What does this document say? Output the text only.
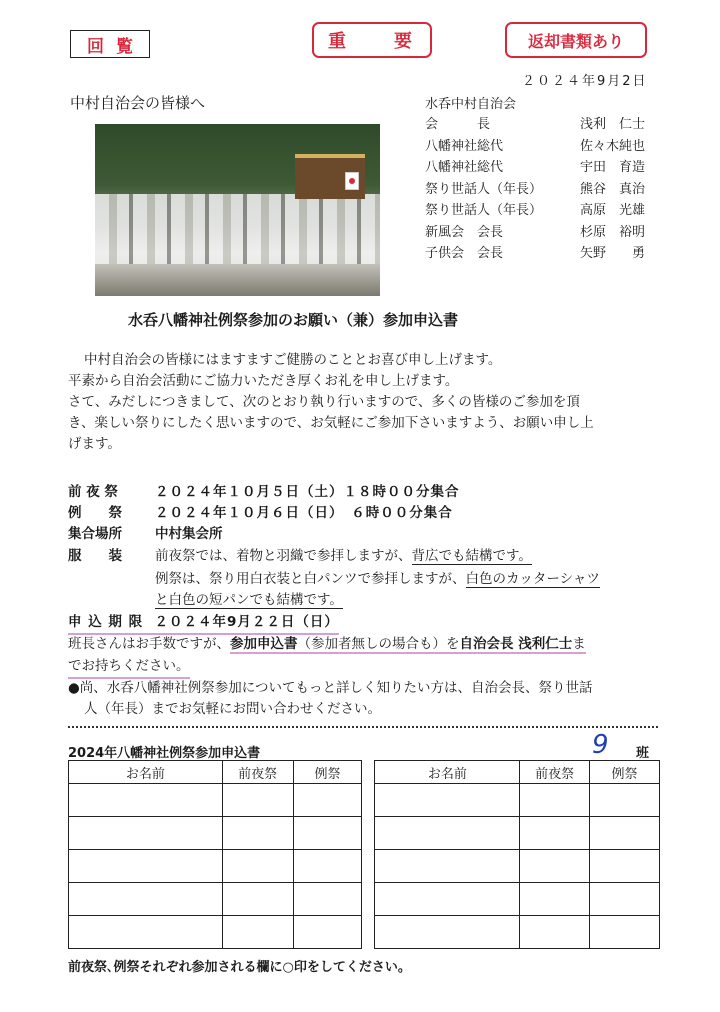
回覧	重　　要	返却書類あり
２０２４年9月2日
中村自治会の皆様へ	水呑中村自治会
会　　　長	浅利　仁士
八幡神社総代	佐々木純也
八幡神社総代	宇田　育造
祭り世話人（年長）	熊谷　真治
祭り世話人（年長）	高原　光雄
新風会　会長	杉原　裕明
子供会　会長	矢野　　勇
水呑八幡神社例祭参加のお願い（兼）参加申込書

中村自治会の皆様にはますますご健勝のこととお喜び申し上げます。

平素から自治会活動にご協力いただき厚くお礼を申し上げます。

さて、みだしにつきまして、次のとおり執り行いますので、多くの皆様のご参加を頂

き、楽しい祭りにしたく思いますので、お気軽にご参加下さいますよう、お願い申し上

げます。

前 夜 祭	２０２４年１０月５日（土）１８時００分集合

例　　祭 ２０２４年１０月６日（日）　６時００分集合

集合場所 中村集会所

服　　装 前夜祭では、着物と羽織で参拝しますが、背広でも結構です。

例祭は、祭り用白衣装と白パンツで参拝しますが、白色のカッターシャツ

と白色の短パンでも結構です。

申 込 期 限 ２０２４年9月２２日（日）

班長さんはお手数ですが、参加申込書（参加者無しの場合も）を自治会長 浅利仁士ま

でお持ちください。

●尚、水呑八幡神社例祭参加についてもっと詳しく知りたい方は、自治会長、祭り世話

人（年長）までお気軽にお問い合わせください。

2024年八幡神社例祭参加申込書	9 班
お名前	前夜祭	例祭		お名前	前夜祭	例祭

前夜祭､例祭それぞれ参加される欄に○印をしてください。
